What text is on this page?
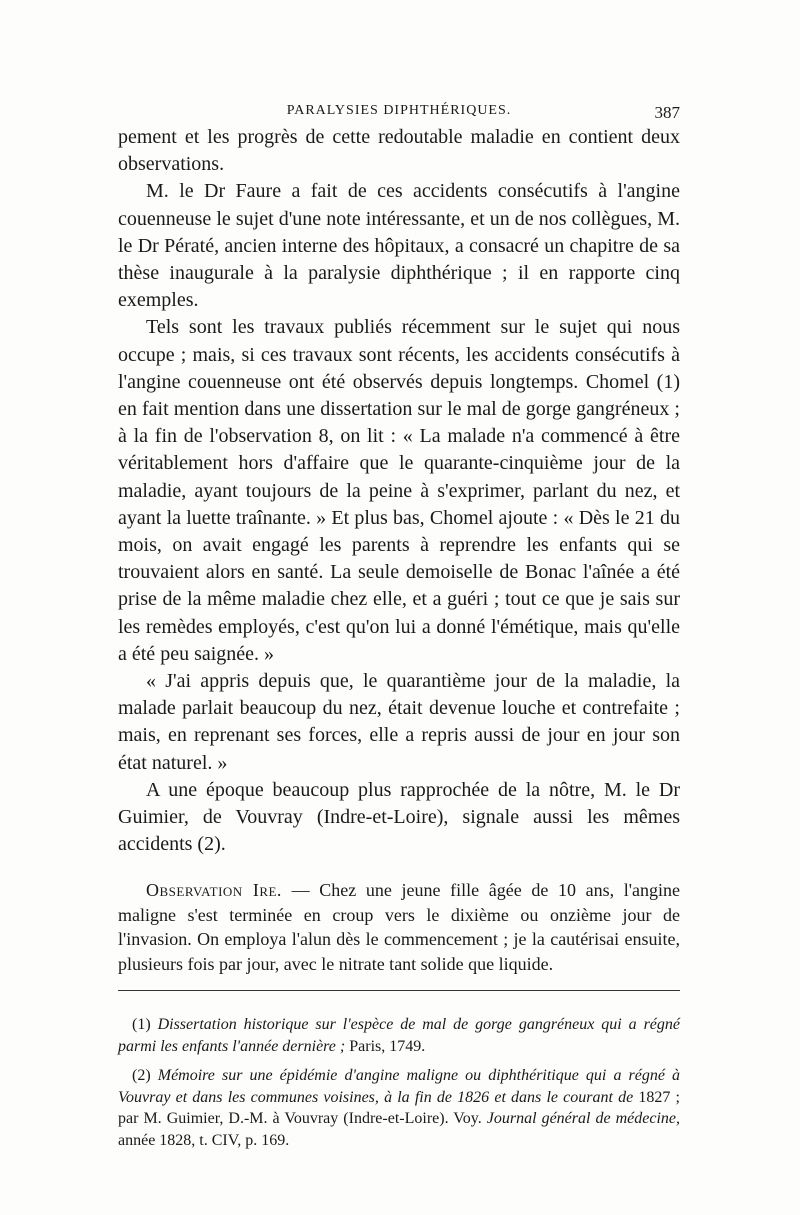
PARALYSIES DIPHTHÉRIQUES.	387

pement et les progrès de cette redoutable maladie en contient deux observations.

M. le Dr Faure a fait de ces accidents consécutifs à l'angine couenneuse le sujet d'une note intéressante, et un de nos collègues, M. le Dr Pératé, ancien interne des hôpitaux, a consacré un chapitre de sa thèse inaugurale à la paralysie diphthérique ; il en rapporte cinq exemples.

Tels sont les travaux publiés récemment sur le sujet qui nous occupe ; mais, si ces travaux sont récents, les accidents consécutifs à l'angine couenneuse ont été observés depuis longtemps. Chomel (1) en fait mention dans une dissertation sur le mal de gorge gangréneux ; à la fin de l'observation 8, on lit : « La malade n'a commencé à être véritablement hors d'affaire que le quarante-cinquième jour de la maladie, ayant toujours de la peine à s'exprimer, parlant du nez, et ayant la luette traînante. » Et plus bas, Chomel ajoute : « Dès le 21 du mois, on avait engagé les parents à reprendre les enfants qui se trouvaient alors en santé. La seule demoiselle de Bonac l'aînée a été prise de la même maladie chez elle, et a guéri ; tout ce que je sais sur les remèdes employés, c'est qu'on lui a donné l'émétique, mais qu'elle a été peu saignée. »

« J'ai appris depuis que, le quarantième jour de la maladie, la malade parlait beaucoup du nez, était devenue louche et contrefaite ; mais, en reprenant ses forces, elle a repris aussi de jour en jour son état naturel. »

A une époque beaucoup plus rapprochée de la nôtre, M. le Dr Guimier, de Vouvray (Indre-et-Loire), signale aussi les mêmes accidents (2).

Observation Ire. — Chez une jeune fille âgée de 10 ans, l'angine maligne s'est terminée en croup vers le dixième ou onzième jour de l'invasion. On employa l'alun dès le commencement ; je la cautérisai ensuite, plusieurs fois par jour, avec le nitrate tant solide que liquide.

(1) Dissertation historique sur l'espèce de mal de gorge gangréneux qui a régné parmi les enfants l'année dernière ; Paris, 1749.

(2) Mémoire sur une épidémie d'angine maligne ou diphthéritique qui a régné à Vouvray et dans les communes voisines, à la fin de 1826 et dans le courant de 1827 ; par M. Guimier, D.-M. à Vouvray (Indre-et-Loire). Voy. Journal général de médecine, année 1828, t. CIV, p. 169.
